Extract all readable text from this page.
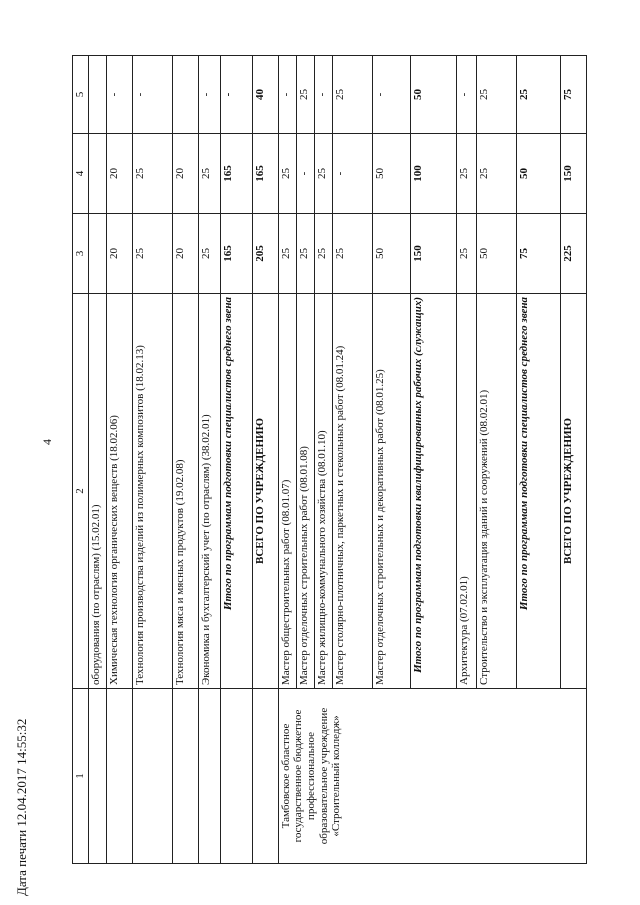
4
1	2	3	4	5
	оборудования (по отраслям) (15.02.01)			
	Химическая технология органических веществ (18.02.06)	20	20	-
	Технология производства изделий из полимерных композитов (18.02.13)	25	25	-
	Технология мяса и мясных продуктов (19.02.08)	20	20	
	Экономика и бухгалтерский учет (по отраслям) (38.02.01)	25	25	-
	Итого по программам подготовки специалистов среднего звена	165	165	-
	ВСЕГО ПО УЧРЕЖДЕНИЮ	205	165	40
Тамбовское областное государственное бюджетное профессиональное образовательное учреждение «Строительный колледж»	Мастер общестроительных работ (08.01.07)	25	25	-
	Мастер отделочных строительных работ (08.01.08)	25	-	25
	Мастер жилищно-коммунального хозяйства (08.01.10)	25	25	-
	Мастер столярно-плотничных, паркетных и стекольных работ (08.01.24)	25	-	25
	Мастер отделочных строительных и декоративных работ (08.01.25)	50	50	-
	Итого по программам подготовки квалифицированных рабочих (служащих)	150	100	50
	Архитектура (07.02.01)	25	25	-
	Строительство и эксплуатация зданий и сооружений (08.02.01)	50	25	25
	Итого по программам подготовки специалистов среднего звена	75	50	25
	ВСЕГО ПО УЧРЕЖДЕНИЮ	225	150	75
Дата печати 12.04.2017 14:55:32
